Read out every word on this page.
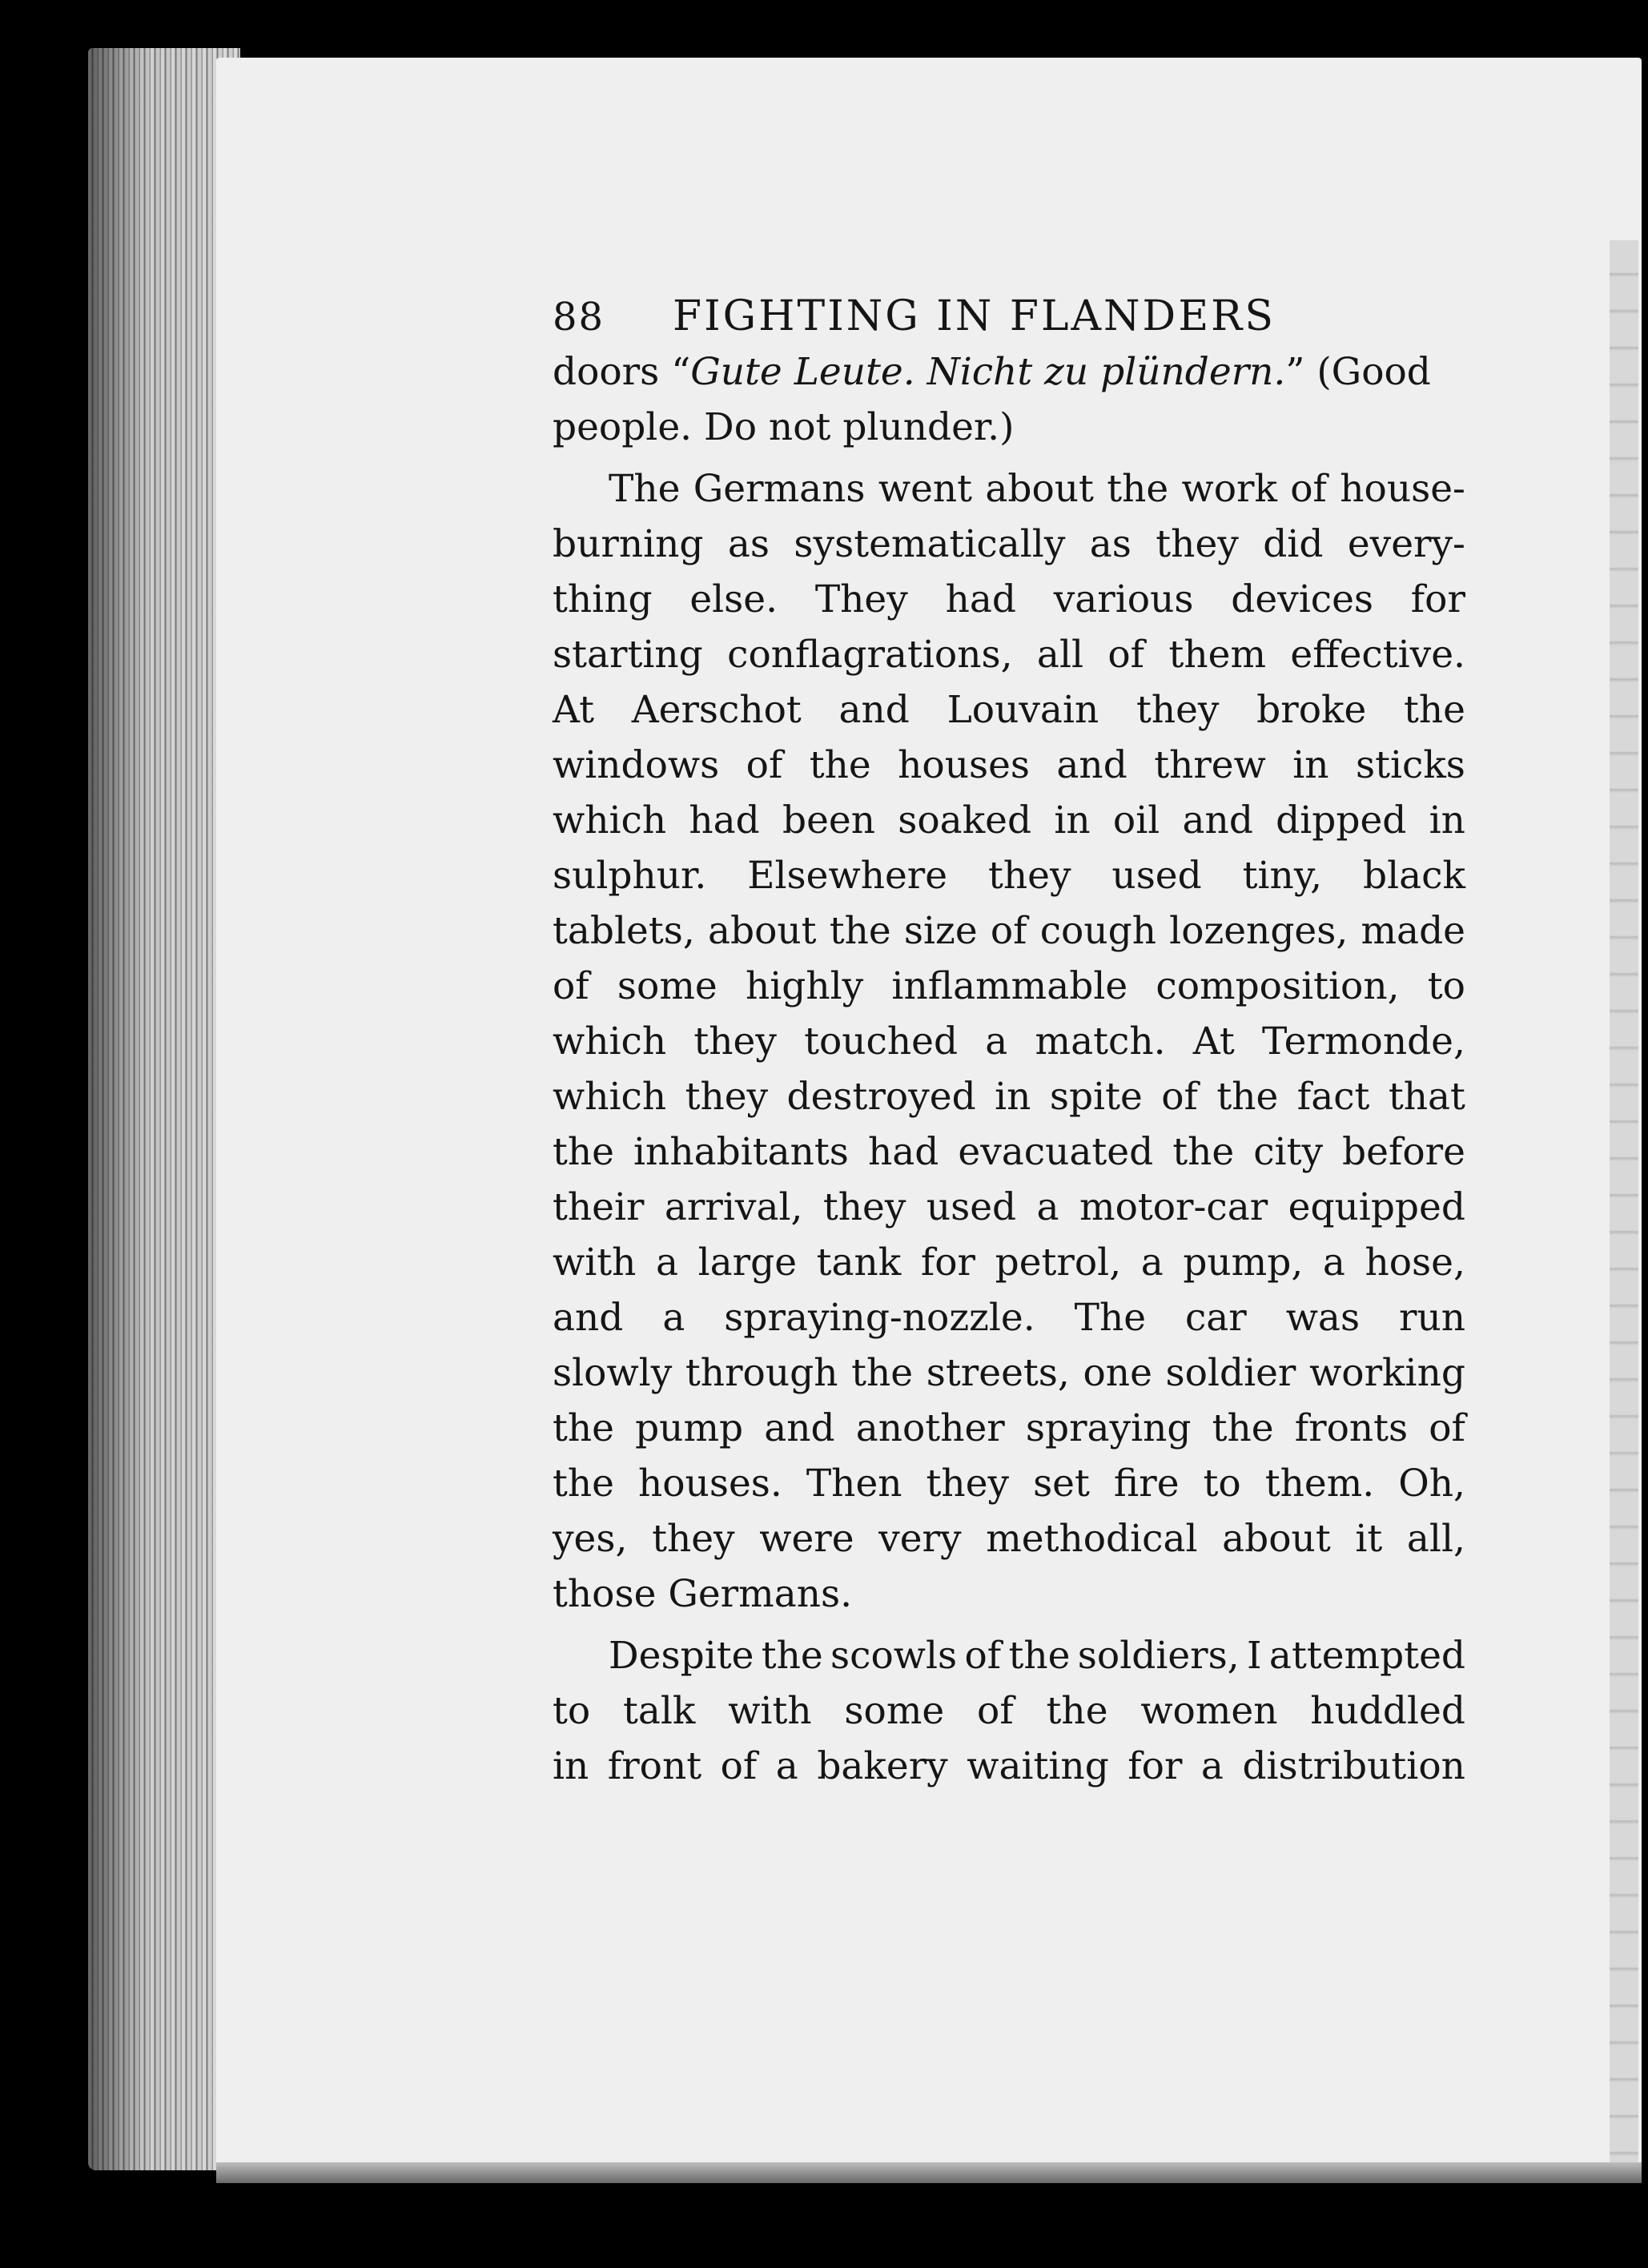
88	FIGHTING IN FLANDERS
doors “Gute Leute. Nicht zu plündern.” (Good
people. Do not plunder.)
The Germans went about the work of house-
burning as systematically as they did every-
thing else. They had various devices for
starting conflagrations, all of them effective.
At Aerschot and Louvain they broke the
windows of the houses and threw in sticks
which had been soaked in oil and dipped in
sulphur. Elsewhere they used tiny, black
tablets, about the size of cough lozenges, made
of some highly inflammable composition, to
which they touched a match. At Termonde,
which they destroyed in spite of the fact that
the inhabitants had evacuated the city before
their arrival, they used a motor-car equipped
with a large tank for petrol, a pump, a hose,
and a spraying-nozzle. The car was run
slowly through the streets, one soldier working
the pump and another spraying the fronts of
the houses. Then they set fire to them. Oh,
yes, they were very methodical about it all,
those Germans.
Despite the scowls of the soldiers, I attempted
to talk with some of the women huddled
in front of a bakery waiting for a distribution
